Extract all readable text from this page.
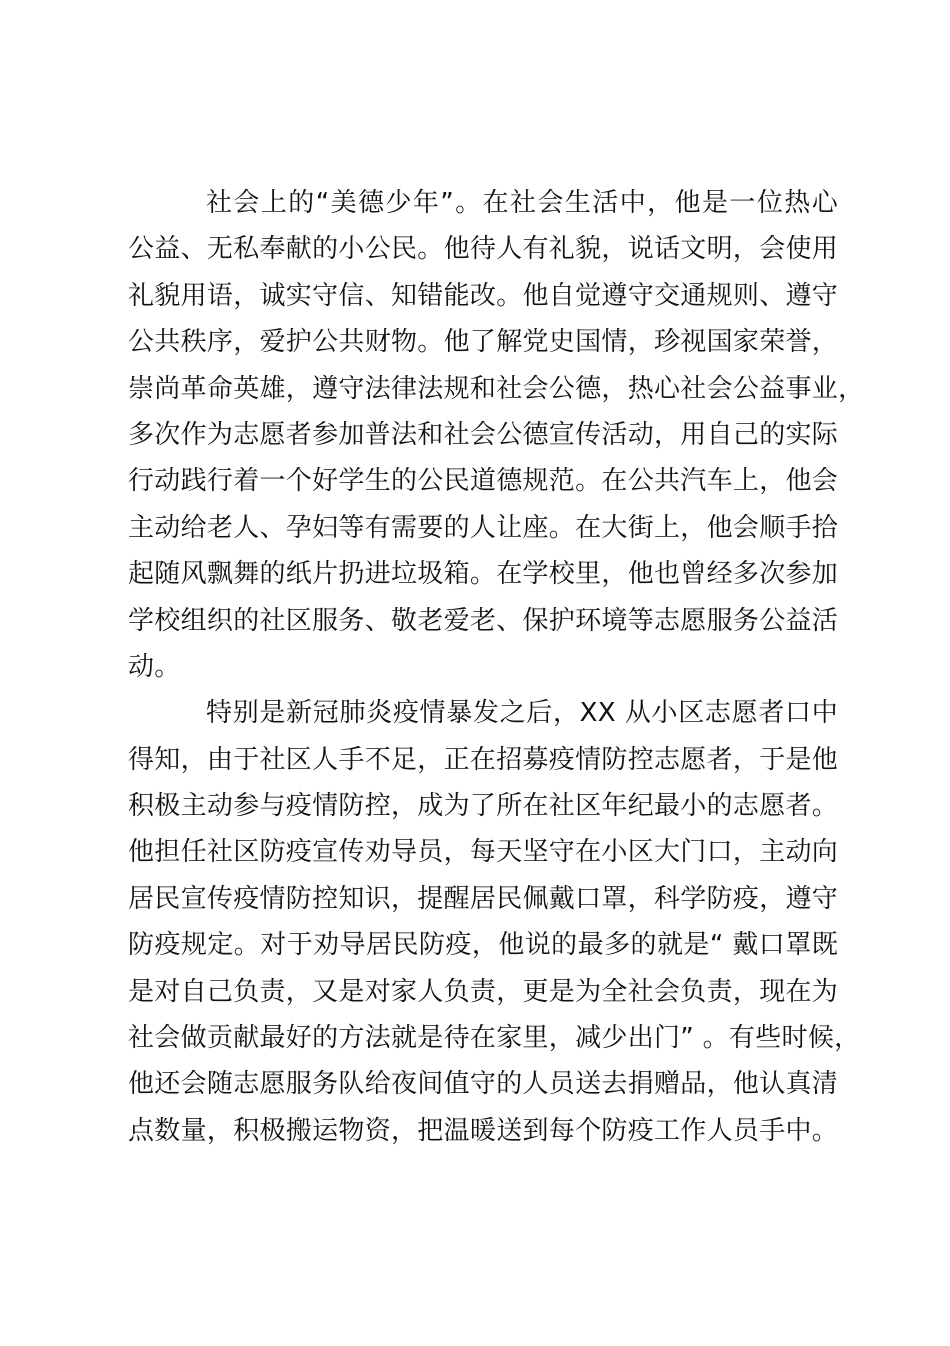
社会上的“美德少年”。在社会生活中，他是一位热心
公益、无私奉献的小公民。他待人有礼貌，说话文明，会使用
礼貌用语，诚实守信、知错能改。他自觉遵守交通规则、遵守
公共秩序，爱护公共财物。他了解党史国情，珍视国家荣誉，
崇尚革命英雄，遵守法律法规和社会公德，热心社会公益事业，
多次作为志愿者参加普法和社会公德宣传活动，用自己的实际
行动践行着一个好学生的公民道德规范。在公共汽车上，他会
主动给老人、孕妇等有需要的人让座。在大街上，他会顺手拾
起随风飘舞的纸片扔进垃圾箱。在学校里，他也曾经多次参加
学校组织的社区服务、敬老爱老、保护环境等志愿服务公益活
动。
特别是新冠肺炎疫情暴发之后，XX 从小区志愿者口中
得知，由于社区人手不足，正在招募疫情防控志愿者，于是他
积极主动参与疫情防控，成为了所在社区年纪最小的志愿者。
他担任社区防疫宣传劝导员，每天坚守在小区大门口，主动向
居民宣传疫情防控知识，提醒居民佩戴口罩，科学防疫，遵守
防疫规定。对于劝导居民防疫，他说的最多的就是“ 戴口罩既
是对自己负责，又是对家人负责，更是为全社会负责，现在为
社会做贡献最好的方法就是待在家里，减少出门” 。有些时候，
他还会随志愿服务队给夜间值守的人员送去捐赠品，他认真清
点数量，积极搬运物资，把温暖送到每个防疫工作人员手中。
